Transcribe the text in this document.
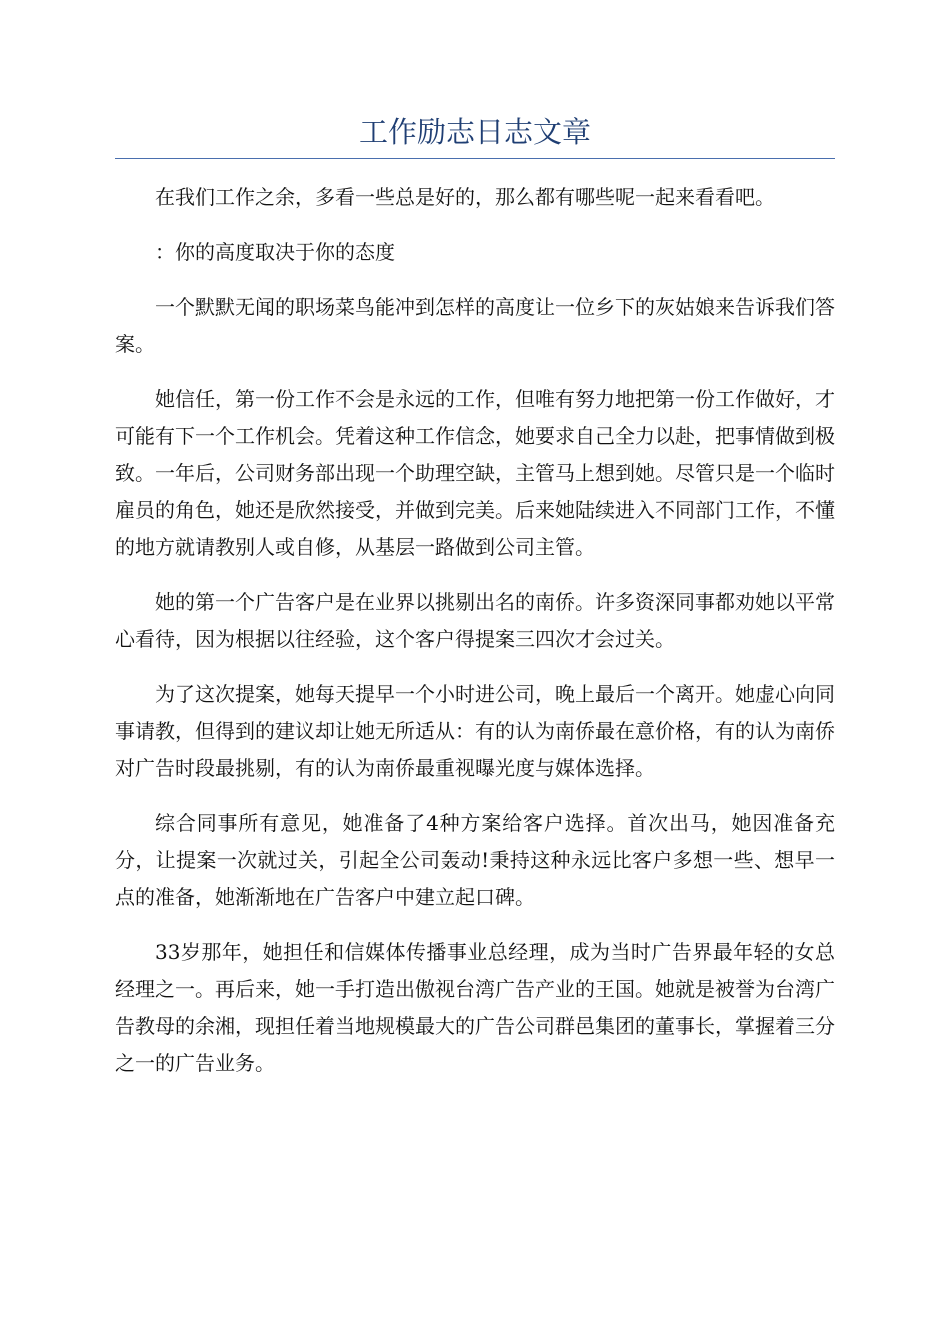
工作励志日志文章

在我们工作之余，多看一些总是好的，那么都有哪些呢一起来看看吧。

：你的高度取决于你的态度

一个默默无闻的职场菜鸟能冲到怎样的高度让一位乡下的灰姑娘来告诉我们答案。

她信任，第一份工作不会是永远的工作，但唯有努力地把第一份工作做好，才可能有下一个工作机会。凭着这种工作信念，她要求自己全力以赴，把事情做到极致。一年后，公司财务部出现一个助理空缺，主管马上想到她。尽管只是一个临时雇员的角色，她还是欣然接受，并做到完美。后来她陆续进入不同部门工作，不懂的地方就请教别人或自修，从基层一路做到公司主管。

她的第一个广告客户是在业界以挑剔出名的南侨。许多资深同事都劝她以平常心看待，因为根据以往经验，这个客户得提案三四次才会过关。

为了这次提案，她每天提早一个小时进公司，晚上最后一个离开。她虚心向同事请教，但得到的建议却让她无所适从：有的认为南侨最在意价格，有的认为南侨对广告时段最挑剔，有的认为南侨最重视曝光度与媒体选择。

综合同事所有意见，她准备了4种方案给客户选择。首次出马，她因准备充分，让提案一次就过关，引起全公司轰动!秉持这种永远比客户多想一些、想早一点的准备，她渐渐地在广告客户中建立起口碑。

33岁那年，她担任和信媒体传播事业总经理，成为当时广告界最年轻的女总经理之一。再后来，她一手打造出傲视台湾广告产业的王国。她就是被誉为台湾广告教母的余湘，现担任着当地规模最大的广告公司群邑集团的董事长，掌握着三分之一的广告业务。
